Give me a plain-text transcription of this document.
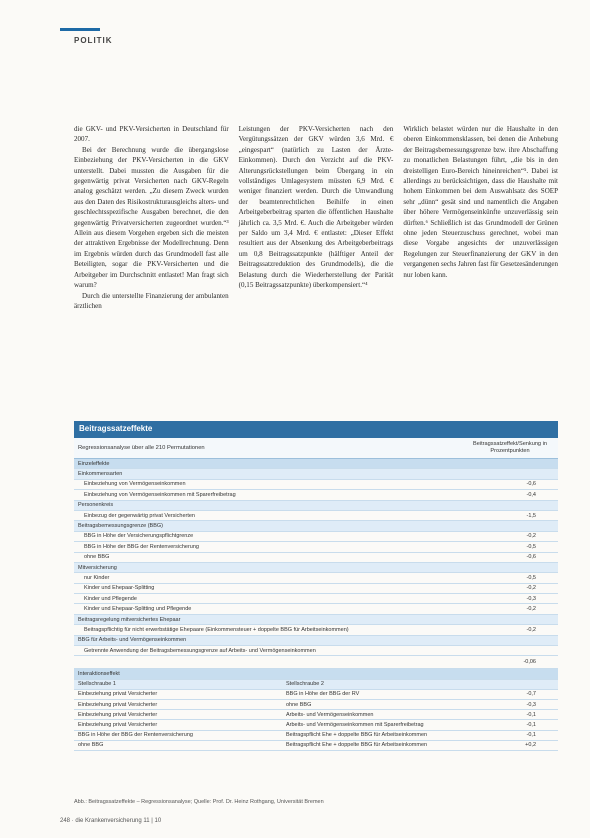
POLITIK

die GKV- und PKV-Versicherten in Deutschland für 2007.

Bei der Berechnung wurde die übergangslose Einbeziehung der PKV-Versicherten in die GKV unterstellt. Dabei mussten die Ausgaben für die gegenwärtig privat Versicherten nach GKV-Regeln analog geschätzt werden. „Zu diesem Zweck wurden aus den Daten des Risikostrukturausgleichs alters- und geschlechtsspezifische Ausgaben berechnet, die den gegenwärtig Privatversicherten zugeordnet wurden.“³ Allein aus diesem Vorgehen ergeben sich die meisten der attraktiven Ergebnisse der Modellrechnung. Denn im Ergebnis würden durch das Grundmodell fast alle Beteiligten, sogar die PKV-Versicherten und die Arbeitgeber im Durchschnitt entlastet! Man fragt sich warum?

Durch die unterstellte Finanzierung der ambulanten ärztlichen

Leistungen der PKV-Versicherten nach den Vergütungssätzen der GKV würden 3,6 Mrd. € „eingespart“ (natürlich zu Lasten der Ärzte-Einkommen). Durch den Verzicht auf die PKV-Alterungsrückstellungen beim Übergang in ein vollständiges Umlagesystem müssten 6,9 Mrd. € weniger finanziert werden. Durch die Umwandlung der beamtenrechtlichen Beihilfe in einen Arbeitgeberbeitrag sparten die öffentlichen Haushalte jährlich ca. 3,5 Mrd. €. Auch die Arbeitgeber würden per Saldo um 3,4 Mrd. € entlastet: „Dieser Effekt resultiert aus der Absenkung des Arbeitgeberbeitrags um 0,8 Beitragssatzpunkte (hälftiger Anteil der Beitragssatzreduktion des Grundmodells), die die Belastung durch die Wiederherstellung der Parität (0,15 Beitragssatzpunkte) überkompensiert.“⁴

Wirklich belastet würden nur die Haushalte in den oberen Einkommensklassen, bei denen die Anhebung der Beitragsbemessungsgrenze bzw. ihre Abschaffung zu monatlichen Belastungen führt, „die bis in den dreistelligen Euro-Bereich hineinreichen“⁵. Dabei ist allerdings zu berücksichtigen, dass die Haushalte mit hohem Einkommen bei dem Auswahlsatz des SOEP sehr „dünn“ gesät sind und namentlich die Angaben über höhere Vermögenseinkünfte unzuverlässig sein dürften.⁶ Schließlich ist das Grundmodell der Grünen ohne jeden Steuerzuschuss gerechnet, wobei man diese Vorgabe angesichts der unzuverlässigen Regelungen zur Steuerfinanzierung der GKV in den vergangenen sechs Jahren fast für Gesetzesänderungen nur loben kann.

Beitragssatzeffekte
Regressionsanalyse über alle 210 Permutationen
Beitragssatzeffekt/Senkung in Prozentpunkten
Einzeleffekte
Einkommensarten
Einbeziehung von Vermögenseinkommen	-0,6
Einbeziehung von Vermögenseinkommen mit Sparerfreibetrag	-0,4
Personenkreis
Einbezug der gegenwärtig privat Versicherten	-1,5
Beitragsbemessungsgrenze (BBG)
BBG in Höhe der Versicherungspflichtgrenze	-0,2
BBG in Höhe der BBG der Rentenversicherung	-0,5
ohne BBG	-0,6
Mitversicherung
nur Kinder	-0,5
Kinder und Ehepaar-Splitting	-0,2
Kinder und Pflegende	-0,3
Kinder und Ehepaar-Splitting und Pflegende	-0,2
Beitragsregelung mitversichertes Ehepaar
Beitragspflichtig für nicht erwerbstätige Ehepaare (Einkommensteuer + doppelte BBG für Arbeitseinkommen)	-0,2
BBG für Arbeits- und Vermögenseinkommen
Getrennte Anwendung der Beitragsbemessungsgrenze auf Arbeits- und Vermögenseinkommen
-0,06
Interaktionseffekt
Stellschraube 1	Stellschraube 2
Einbeziehung privat Versicherter	BBG in Höhe der BBG der RV	-0,7
Einbeziehung privat Versicherter	ohne BBG	-0,3
Einbeziehung privat Versicherter	Arbeits- und Vermögenseinkommen	-0,1
Einbeziehung privat Versicherter	Arbeits- und Vermögenseinkommen mit Sparerfreibetrag	-0,1
BBG in Höhe der BBG der Rentenversicherung	Beitragspflicht Ehe + doppelte BBG für Arbeitseinkommen	-0,1
ohne BBG	Beitragspflicht Ehe + doppelte BBG für Arbeitseinkommen	+0,2
Abb.: Beitragssatzeffekte – Regressionsanalyse; Quelle: Prof. Dr. Heinz Rothgang, Universität Bremen
248 · die Krankenversicherung 11 | 10
